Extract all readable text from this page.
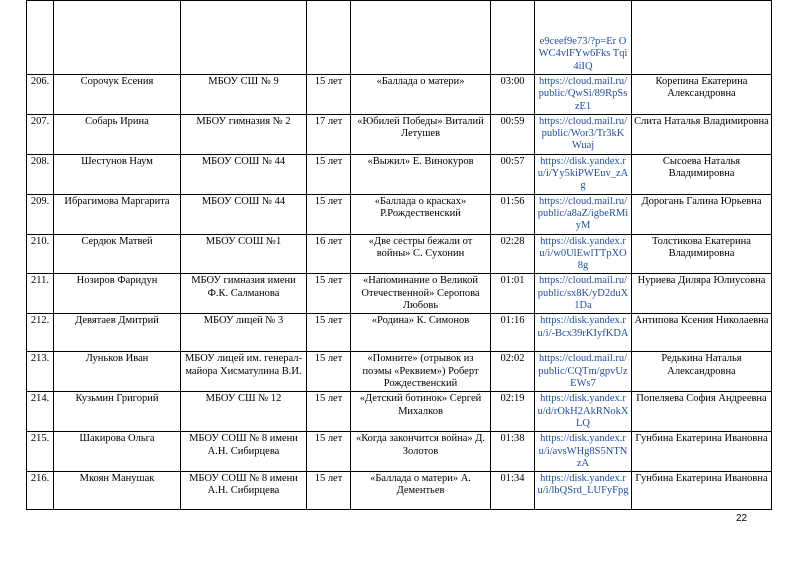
						e9ceef9e73/?p=Er OWC4vlFYw6Fks Tqi4iIQ	
206.	Сорочук Есения	МБОУ СШ № 9	15 лет	«Баллада о матери»	03:00	https://cloud.mail.ru/public/QwSi/89RpSszE1	Корепина Екатерина Александровна
207.	Собарь Ирина	МБОУ гимназия № 2	17 лет	«Юбилей Победы» Виталий Летушев	00:59	https://cloud.mail.ru/public/Wor3/Tr3kKWuaj	Слита Наталья Владимировна
208.	Шестунов Наум	МБОУ СОШ № 44	15 лет	«Выжил» Е. Винокуров	00:57	https://disk.yandex.ru/i/Yy5kiPWEuv_zAg	Сысоева Наталья Владимировна
209.	Ибрагимова Маргарита	МБОУ СОШ № 44	15 лет	«Баллада о красках» Р.Рождественский	01:56	https://cloud.mail.ru/public/a8aZ/igbeRMiyM	Дорогань Галина Юрьевна
210.	Сердюк Матвей	МБОУ СОШ №1	16 лет	«Две сестры бежали от войны» С. Сухонин	02:28	https://disk.yandex.ru/i/w0UlEwlTTpXO8g	Толстикова Екатерина Владимировна
211.	Нозиров Фаридун	МБОУ гимназия имени Ф.К. Салманова	15 лет	«Напоминание о Великой Отечественной» Серопова Любовь	01:01	https://cloud.mail.ru/public/sx8K/yD2duX1Da	Нуриева Диляра Юлиусовна
212.	Девятаев Дмитрий	МБОУ лицей № 3	15 лет	«Родина» К. Симонов	01:16	https://disk.yandex.ru/i/-Bcx39rKIyfKDA	Антипова Ксения Николаевна
213.	Луньков Иван	МБОУ лицей им. генерал-майора Хисматулина В.И.	15 лет	«Помните» (отрывок из поэмы «Реквием») Роберт Рождественский	02:02	https://cloud.mail.ru/public/CQTm/gpvUzEWs7	Редькина Наталья Александровна
214.	Кузьмин Григорий	МБОУ СШ № 12	15 лет	«Детский ботинок» Сергей Михалков	02:19	https://disk.yandex.ru/d/rOkH2AkRNokXLQ	Попеляева София Андреевна
215.	Шакирова Ольга	МБОУ СОШ № 8 имени А.Н. Сибирцева	15 лет	«Когда закончится война» Д. Золотов	01:38	https://disk.yandex.ru/i/avsWHg8S5NTNzA	Гунбина Екатерина Ивановна
216.	Мкоян Манушак	МБОУ СОШ № 8 имени А.Н. Сибирцева	15 лет	«Баллада о матери» А. Дементьев	01:34	https://disk.yandex.ru/i/lbQSrd_LUFyFpg	Гунбина Екатерина Ивановна
22
